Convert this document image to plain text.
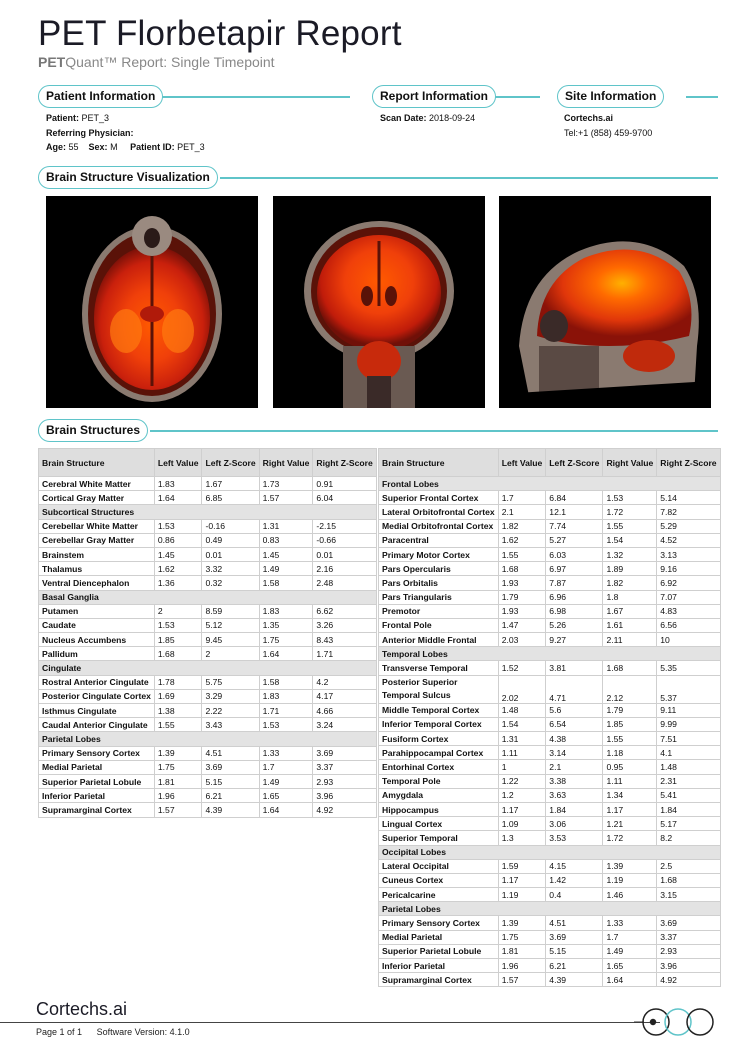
PET Florbetapir Report
PETQuant™ Report: Single Timepoint
Patient Information	Report Information	Site Information
Patient: PET_3
Referring Physician:
Age: 55 Sex: M Patient ID: PET_3
Scan Date: 2018-09-24	Cortechs.ai
Tel:+1 (858) 459-9700
Brain Structure Visualization
Brain Structures
Brain Structure	Left Value	Left Z-Score	Right Value	Right Z-Score
Cerebral White Matter	1.83	1.67	1.73	0.91
Cortical Gray Matter	1.64	6.85	1.57	6.04
Subcortical Structures				
Cerebellar White Matter	1.53	-0.16	1.31	-2.15
Cerebellar Gray Matter	0.86	0.49	0.83	-0.66
Brainstem	1.45	0.01	1.45	0.01
Thalamus	1.62	3.32	1.49	2.16
Ventral Diencephalon	1.36	0.32	1.58	2.48
Basal Ganglia				
Putamen	2	8.59	1.83	6.62
Caudate	1.53	5.12	1.35	3.26
Nucleus Accumbens	1.85	9.45	1.75	8.43
Pallidum	1.68	2	1.64	1.71
Cingulate				
Rostral Anterior Cingulate	1.78	5.75	1.58	4.2
Posterior Cingulate Cortex	1.69	3.29	1.83	4.17
Isthmus Cingulate	1.38	2.22	1.71	4.66
Caudal Anterior Cingulate	1.55	3.43	1.53	3.24
Parietal Lobes				
Primary Sensory Cortex	1.39	4.51	1.33	3.69
Medial Parietal	1.75	3.69	1.7	3.37
Superior Parietal Lobule	1.81	5.15	1.49	2.93
Inferior Parietal	1.96	6.21	1.65	3.96
Supramarginal Cortex	1.57	4.39	1.64	4.92
Brain Structure	Left Value	Left Z-Score	Right Value	Right Z-Score
Frontal Lobes				
Superior Frontal Cortex	1.7	6.84	1.53	5.14
Lateral Orbitofrontal Cortex	2.1	12.1	1.72	7.82
Medial Orbitofrontal Cortex	1.82	7.74	1.55	5.29
Paracentral	1.62	5.27	1.54	4.52
Primary Motor Cortex	1.55	6.03	1.32	3.13
Pars Opercularis	1.68	6.97	1.89	9.16
Pars Orbitalis	1.93	7.87	1.82	6.92
Pars Triangularis	1.79	6.96	1.8	7.07
Premotor	1.93	6.98	1.67	4.83
Frontal Pole	1.47	5.26	1.61	6.56
Anterior Middle Frontal	2.03	9.27	2.11	10
Temporal Lobes				
Transverse Temporal	1.52	3.81	1.68	5.35
Posterior Superior Temporal Sulcus	2.02	4.71	2.12	5.37
Middle Temporal Cortex	1.48	5.6	1.79	9.11
Inferior Temporal Cortex	1.54	6.54	1.85	9.99
Fusiform Cortex	1.31	4.38	1.55	7.51
Parahippocampal Cortex	1.11	3.14	1.18	4.1
Entorhinal Cortex	1	2.1	0.95	1.48
Temporal Pole	1.22	3.38	1.11	2.31
Amygdala	1.2	3.63	1.34	5.41
Hippocampus	1.17	1.84	1.17	1.84
Lingual Cortex	1.09	3.06	1.21	5.17
Superior Temporal	1.3	3.53	1.72	8.2
Occipital Lobes				
Lateral Occipital	1.59	4.15	1.39	2.5
Cuneus Cortex	1.17	1.42	1.19	1.68
Pericalcarine	1.19	0.4	1.46	3.15
Parietal Lobes				
Primary Sensory Cortex	1.39	4.51	1.33	3.69
Medial Parietal	1.75	3.69	1.7	3.37
Superior Parietal Lobule	1.81	5.15	1.49	2.93
Inferior Parietal	1.96	6.21	1.65	3.96
Supramarginal Cortex	1.57	4.39	1.64	4.92
Cortechs.ai
Page 1 of 1 Software Version: 4.1.0
